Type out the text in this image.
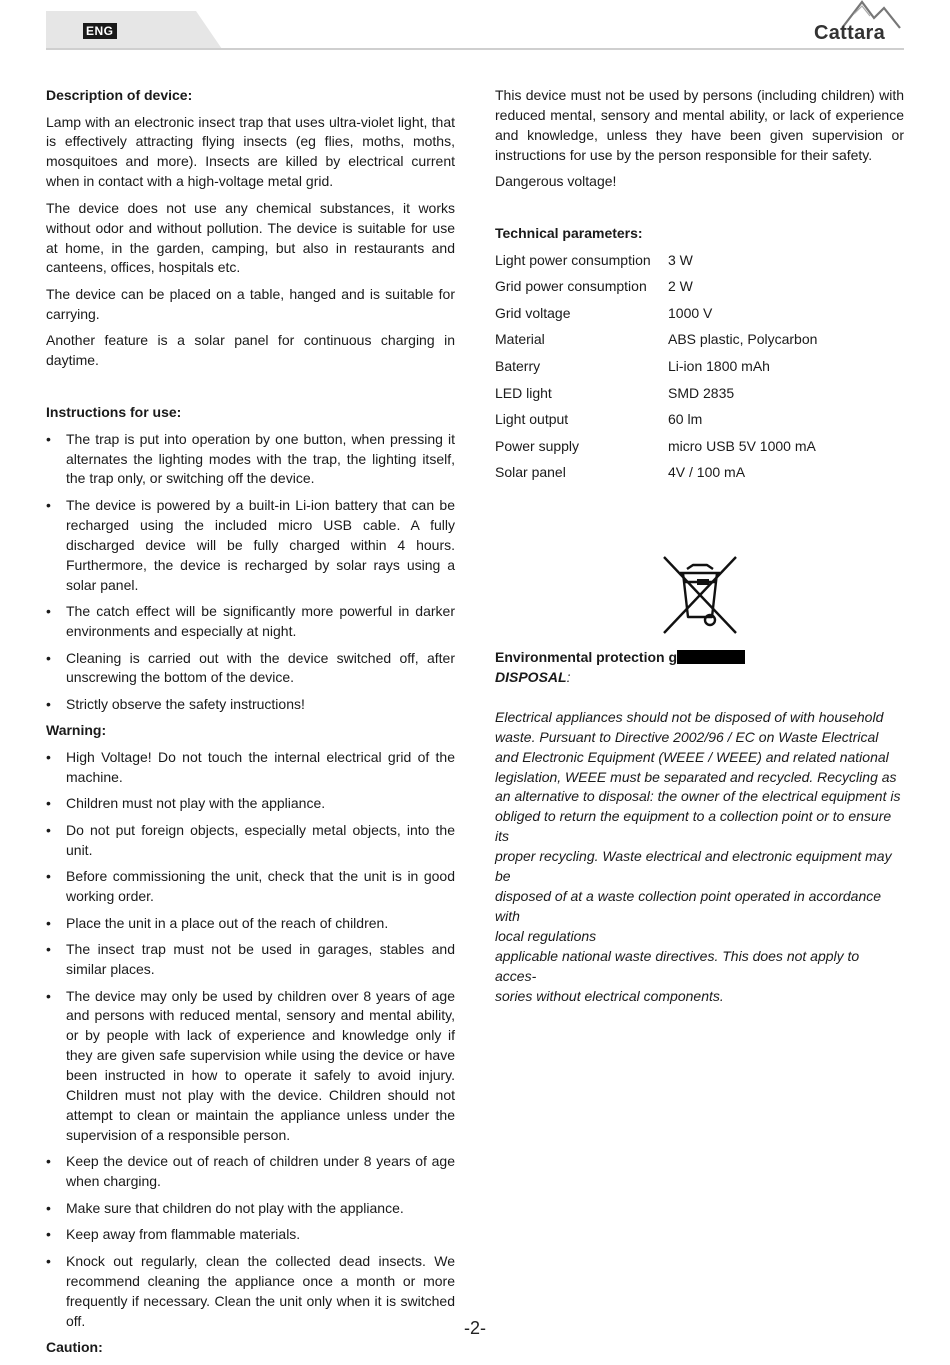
ENG	Cattara
Description of device:

Lamp with an electronic insect trap that uses ultra-violet light, that is effectively attracting flying insects (eg flies, moths, moths, mosquitoes and more). Insects are killed by electrical current when in contact with a high-voltage metal grid.

The device does not use any chemical substances, it works without odor and without pollution. The device is suitable for use at home, in the garden, camping, but also in restaurants and canteens, offices, hospitals etc.

The device can be placed on a table, hanged and is suitable for carrying.

Another feature is a solar panel for continuous charging in daytime.

Instructions for use:
• The trap is put into operation by one button, when pressing it alternates the lighting modes with the trap, the lighting itself, the trap only, or switching off the device.
• The device is powered by a built-in Li-ion battery that can be recharged using the included micro USB cable. A fully discharged device will be fully charged within 4 hours. Furthermore, the device is recharged by solar rays using a solar panel.
• The catch effect will be significantly more powerful in darker environments and especially at night.
• Cleaning is carried out with the device switched off, after unscrewing the bottom of the device.
• Strictly observe the safety instructions!
Warning:
• High Voltage! Do not touch the internal electrical grid of the machine.
• Children must not play with the appliance.
• Do not put foreign objects, especially metal objects, into the unit.
• Before commissioning the unit, check that the unit is in good working order.
• Place the unit in a place out of the reach of children.
• The insect trap must not be used in garages, stables and similar places.
• The device may only be used by children over 8 years of age and persons with reduced mental, sensory and mental ability, or by people with lack of experience and knowledge only if they are given safe supervision while using the device or have been instructed in how to operate it safely to avoid injury. Children must not play with the device. Children should not attempt to clean or maintain the appliance unless under the supervision of a responsible person.
• Keep the device out of reach of children under 8 years of age when charging.
• Make sure that children do not play with the appliance.
• Keep away from flammable materials.
• Knock out regularly, clean the collected dead insects. We recommend cleaning the appliance once a month or more frequently if necessary. Clean the unit only when it is switched off.
Caution:

This device must not be used by persons (including children) with reduced mental, sensory and mental ability, or lack of experience and knowledge, unless they have been given supervision or instructions for use by the person responsible for their safety.

Dangerous voltage!

Technical parameters:
Light power consumption	3 W
Grid power consumption	2 W
Grid voltage	1000 V
Material	ABS plastic, Polycarbon
Baterry	Li-ion 1800 mAh
LED light	SMD 2835
Light output	60 lm
Power supply	micro USB 5V 1000 mA
Solar panel	4V / 100 mA
Environmental protection g
DISPOSAL:
Electrical appliances should not be disposed of with household
waste. Pursuant to Directive 2002/96 / EC on Waste Electrical
and Electronic Equipment (WEEE / WEEE) and related national
legislation, WEEE must be separated and recycled. Recycling as
an alternative to disposal: the owner of the electrical equipment is
obliged to return the equipment to a collection point or to ensure its
proper recycling. Waste electrical and electronic equipment may be
disposed of at a waste collection point operated in accordance with
local regulations
applicable national waste directives. This does not apply to acces-
sories without electrical components.
-2-
